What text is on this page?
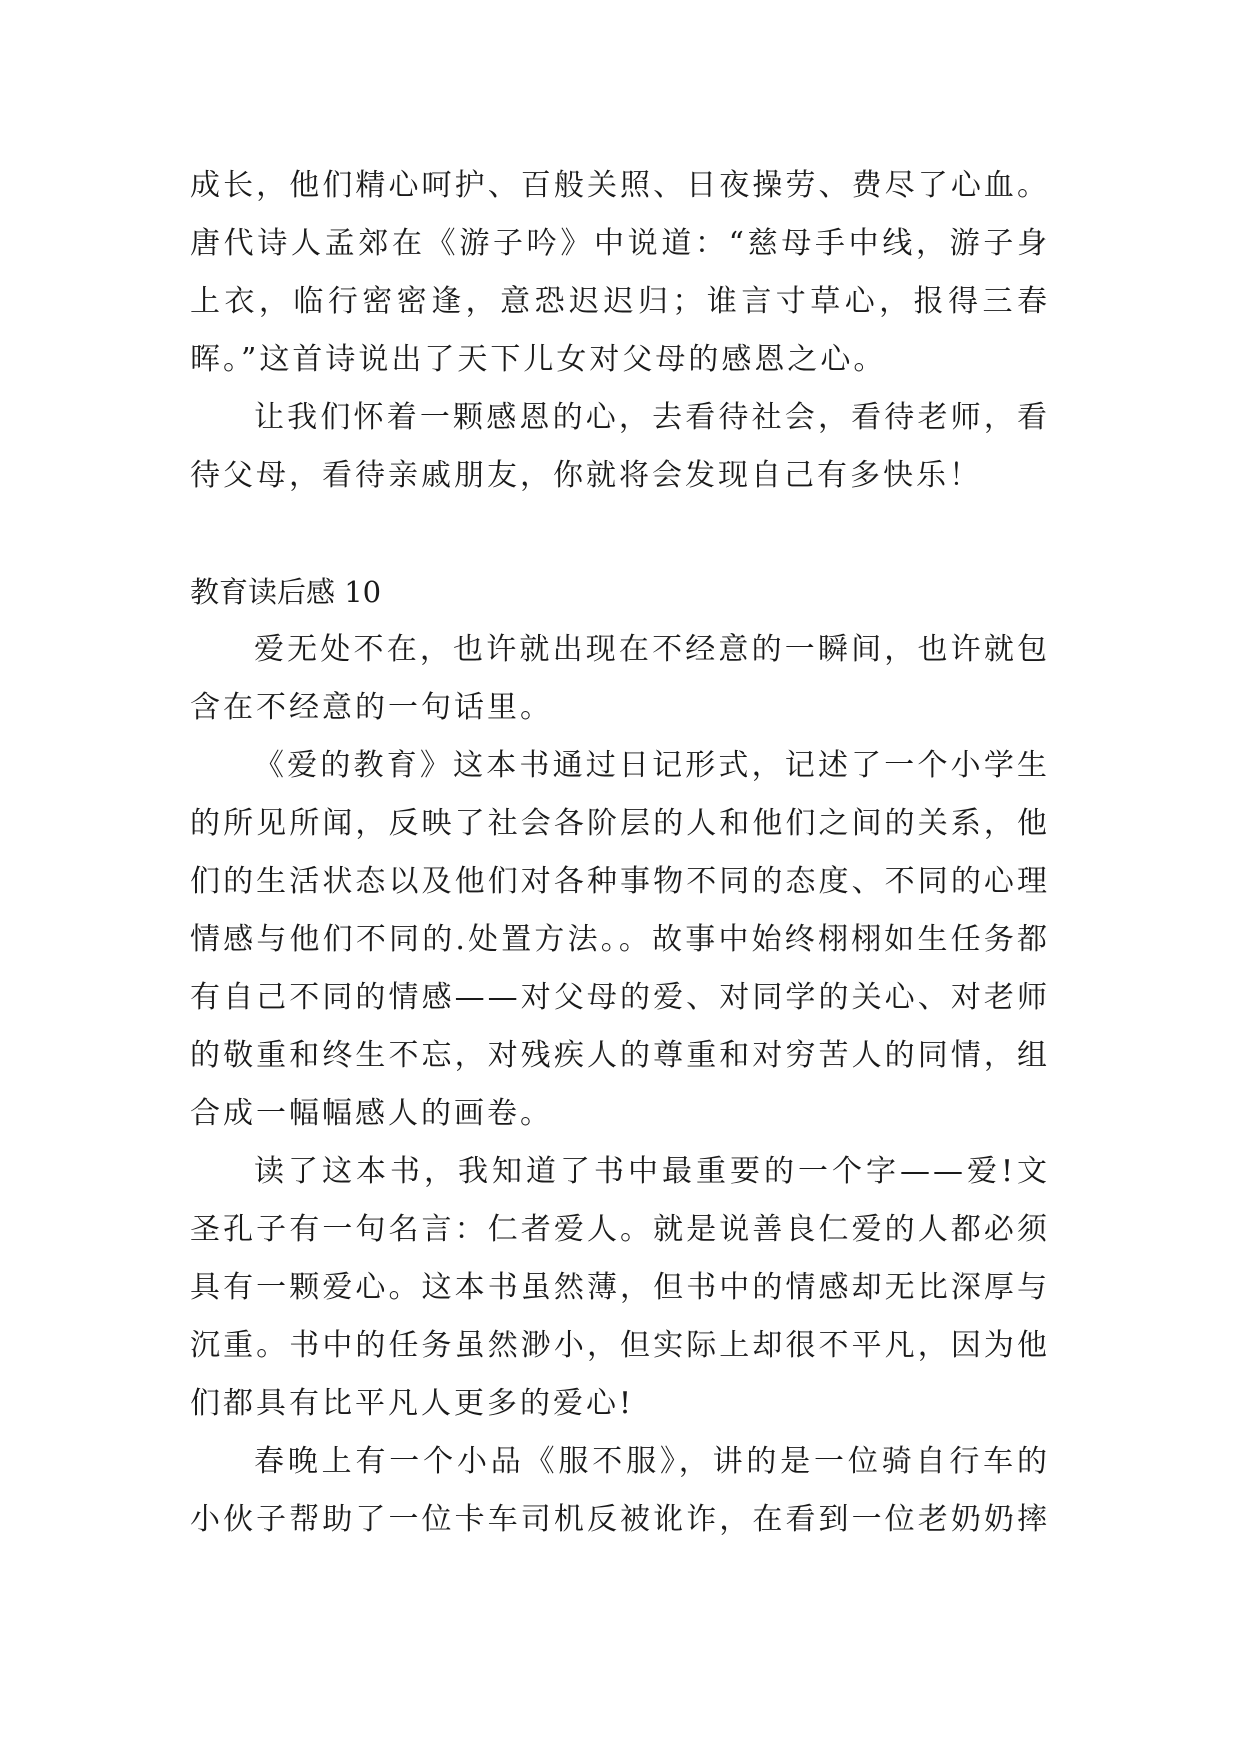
成长，他们精心呵护、百般关照、日夜操劳、费尽了心血。
唐代诗人孟郊在《游子吟》中说道：“慈母手中线，游子身
上衣，临行密密逢，意恐迟迟归；谁言寸草心，报得三春
晖。”这首诗说出了天下儿女对父母的感恩之心。
让我们怀着一颗感恩的心，去看待社会，看待老师，看
待父母，看待亲戚朋友，你就将会发现自己有多快乐！
教育读后感 10
爱无处不在，也许就出现在不经意的一瞬间，也许就包
含在不经意的一句话里。
《爱的教育》这本书通过日记形式，记述了一个小学生
的所见所闻，反映了社会各阶层的人和他们之间的关系，他
们的生活状态以及他们对各种事物不同的态度、不同的心理
情感与他们不同的.处置方法。。故事中始终栩栩如生任务都
有自己不同的情感——对父母的爱、对同学的关心、对老师
的敬重和终生不忘，对残疾人的尊重和对穷苦人的同情，组
合成一幅幅感人的画卷。
读了这本书，我知道了书中最重要的一个字——爱!文
圣孔子有一句名言：仁者爱人。就是说善良仁爱的人都必须
具有一颗爱心。这本书虽然薄，但书中的情感却无比深厚与
沉重。书中的任务虽然渺小，但实际上却很不平凡，因为他
们都具有比平凡人更多的爱心!
春晚上有一个小品《服不服》，讲的是一位骑自行车的
小伙子帮助了一位卡车司机反被讹诈，在看到一位老奶奶摔
